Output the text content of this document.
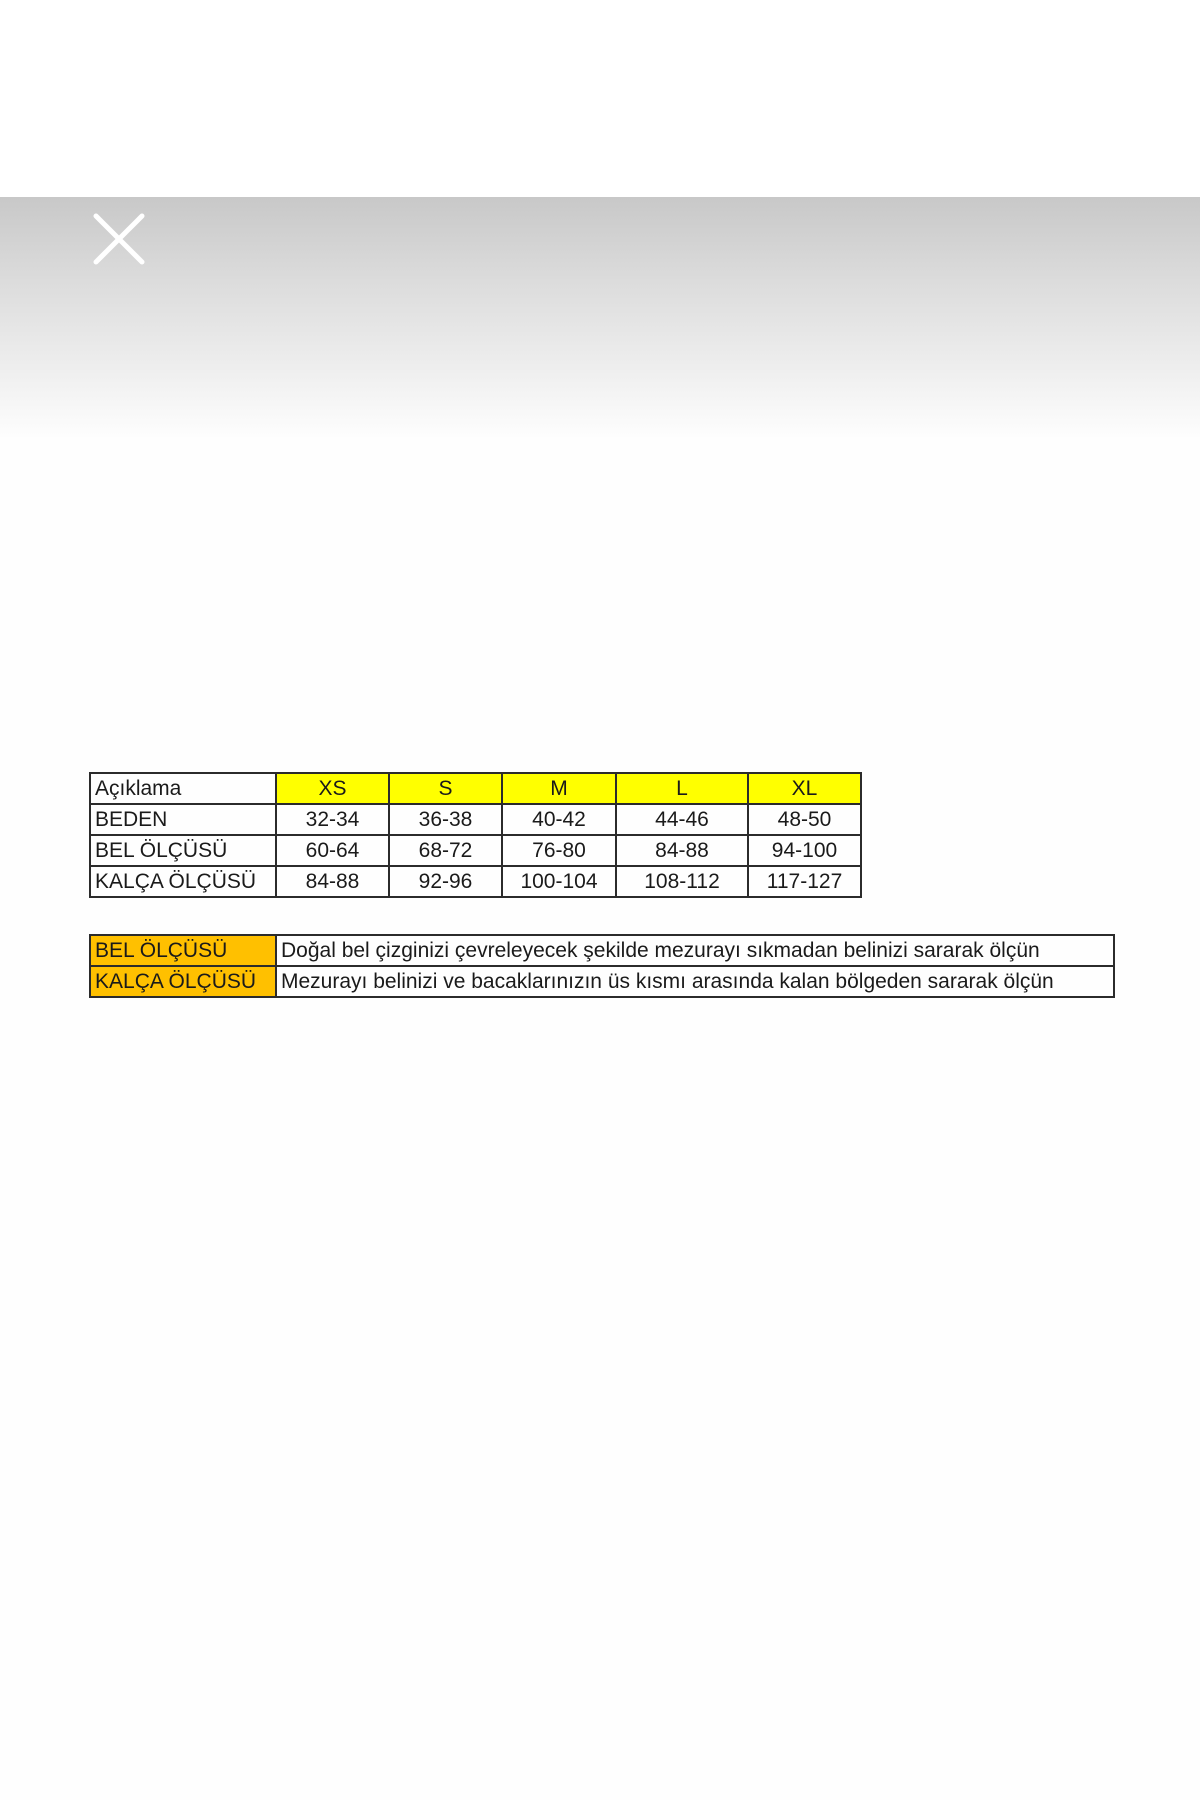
Açıklama	XS	S	M	L	XL
BEDEN	32-34	36-38	40-42	44-46	48-50
BEL ÖLÇÜSÜ	60-64	68-72	76-80	84-88	94-100
KALÇA ÖLÇÜSÜ	84-88	92-96	100-104	108-112	117-127
BEL ÖLÇÜSÜ	Doğal bel çizginizi çevreleyecek şekilde mezurayı sıkmadan belinizi sararak ölçün
KALÇA ÖLÇÜSÜ	Mezurayı belinizi ve bacaklarınızın üs kısmı arasında kalan bölgeden sararak ölçün
